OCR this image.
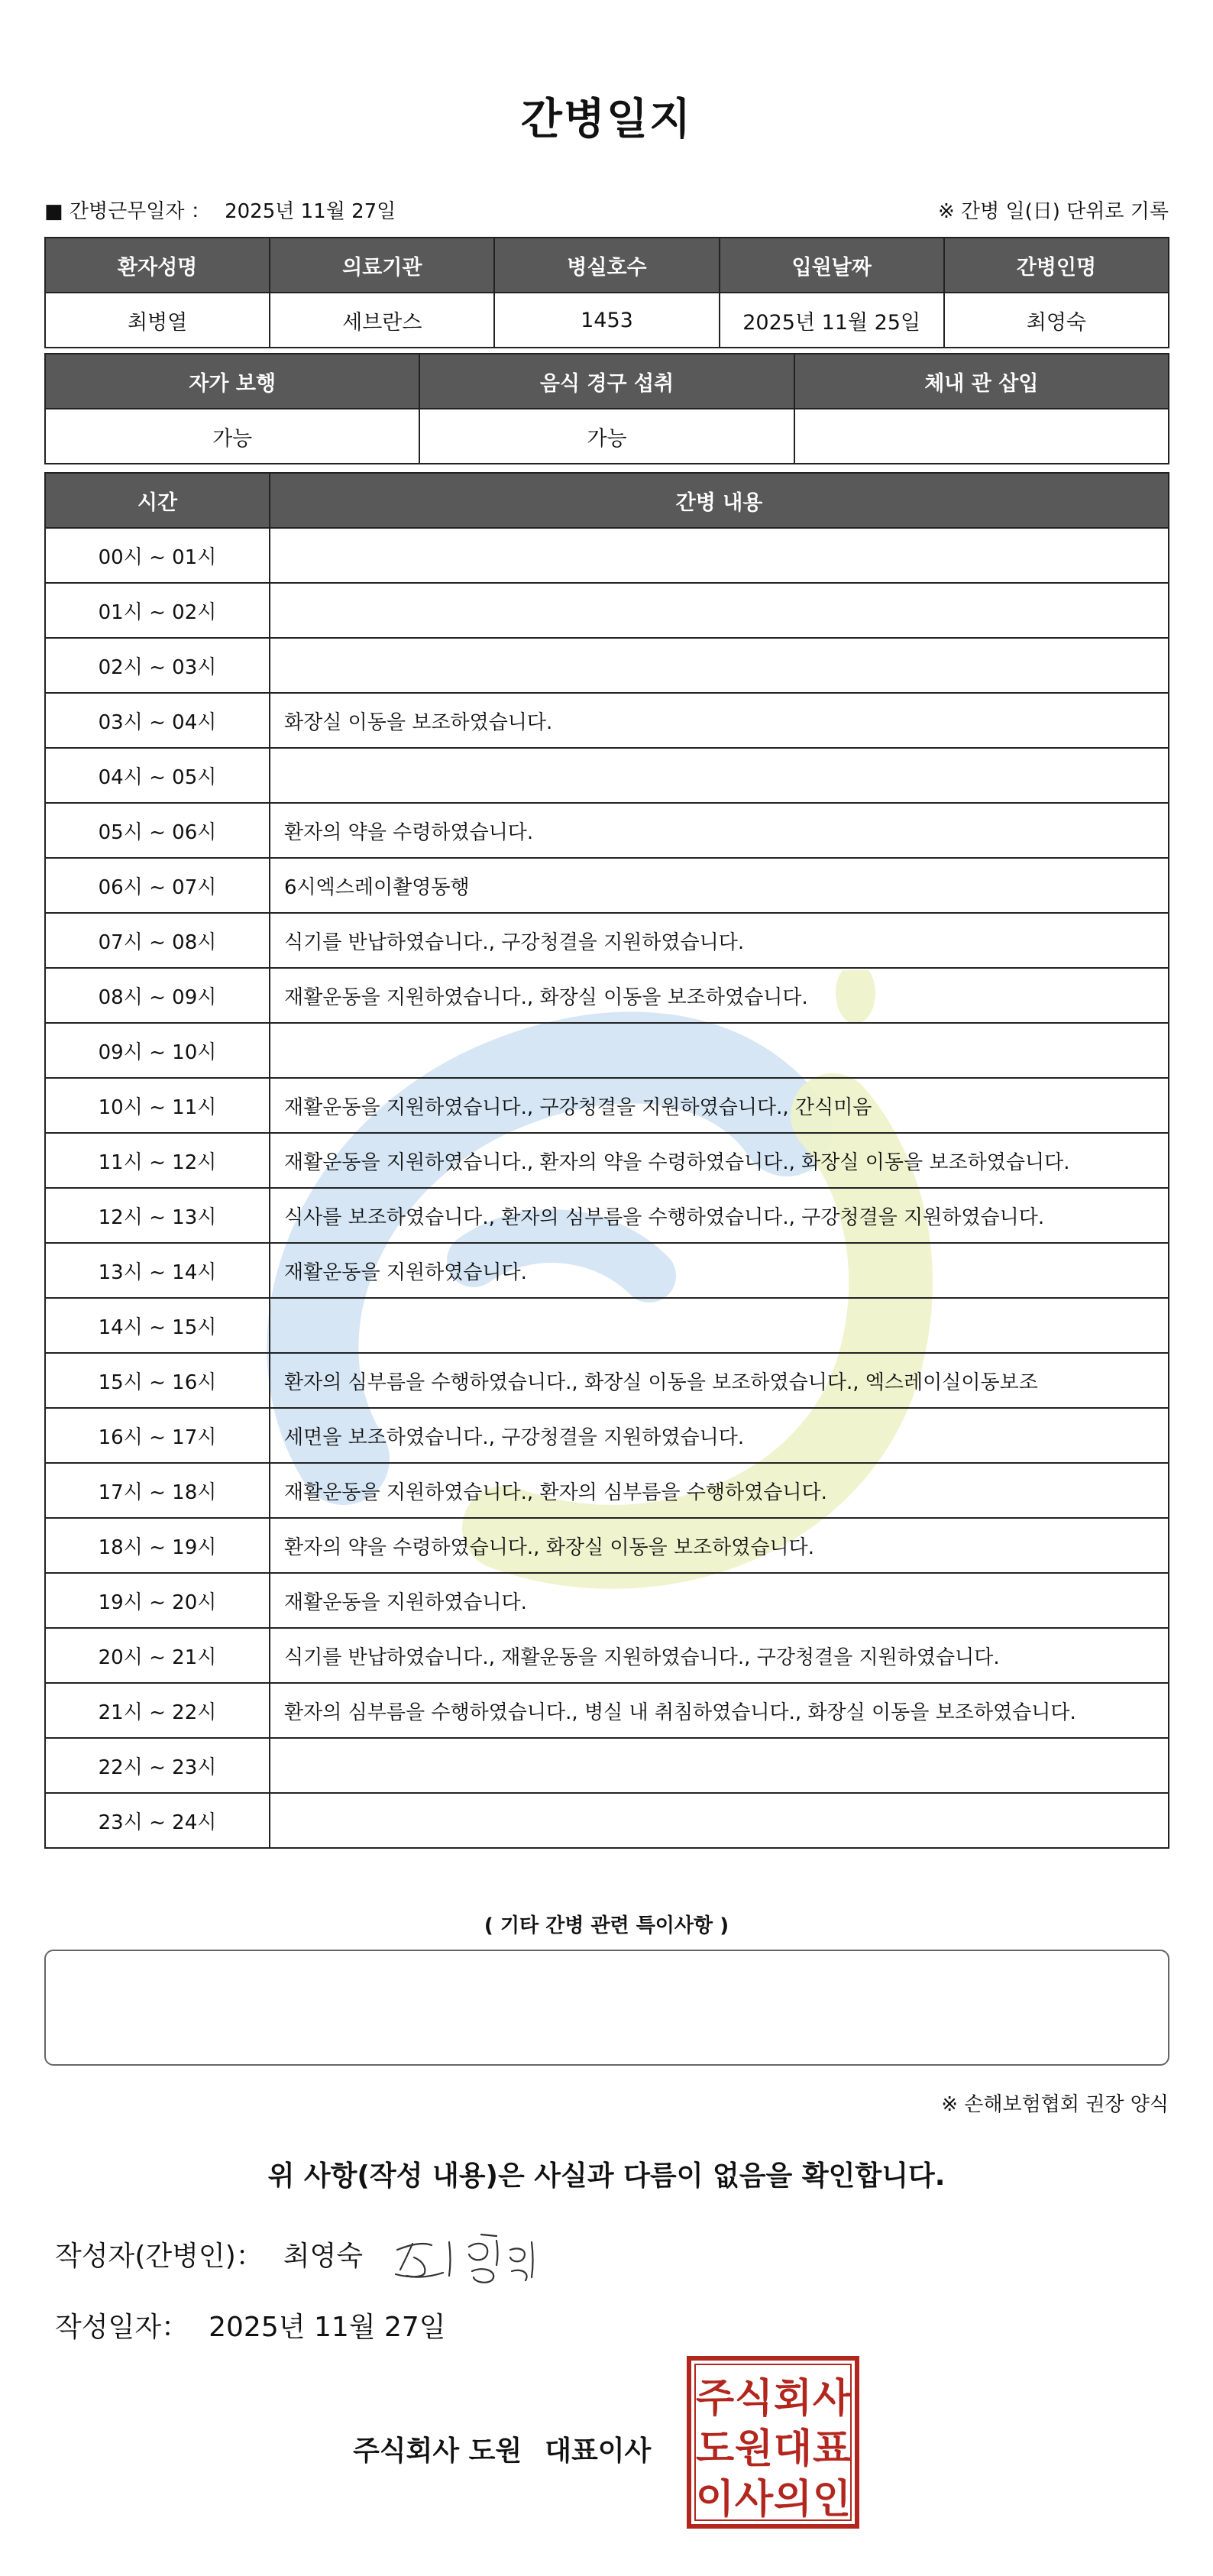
간병일지
■ 간병근무일자 ： 2025년 11월 27일	※ 간병 일(日) 단위로 기록
환자성명	의료기관	병실호수	입원날짜	간병인명
최병열	세브란스	1453	2025년 11월 25일	최영숙
자가 보행	음식 경구 섭취	체내 관 삽입
가능	가능	
시간	간병 내용
00시 ~ 01시	
01시 ~ 02시	
02시 ~ 03시	
03시 ~ 04시	화장실 이동을 보조하였습니다.
04시 ~ 05시	
05시 ~ 06시	환자의 약을 수령하였습니다.
06시 ~ 07시	6시엑스레이촬영동행
07시 ~ 08시	식기를 반납하였습니다., 구강청결을 지원하였습니다.
08시 ~ 09시	재활운동을 지원하였습니다., 화장실 이동을 보조하였습니다.
09시 ~ 10시	
10시 ~ 11시	재활운동을 지원하였습니다., 구강청결을 지원하였습니다., 간식미음
11시 ~ 12시	재활운동을 지원하였습니다., 환자의 약을 수령하였습니다., 화장실 이동을 보조하였습니다.
12시 ~ 13시	식사를 보조하였습니다., 환자의 심부름을 수행하였습니다., 구강청결을 지원하였습니다.
13시 ~ 14시	재활운동을 지원하였습니다.
14시 ~ 15시	
15시 ~ 16시	환자의 심부름을 수행하였습니다., 화장실 이동을 보조하였습니다., 엑스레이실이동보조
16시 ~ 17시	세면을 보조하였습니다., 구강청결을 지원하였습니다.
17시 ~ 18시	재활운동을 지원하였습니다., 환자의 심부름을 수행하였습니다.
18시 ~ 19시	환자의 약을 수령하였습니다., 화장실 이동을 보조하였습니다.
19시 ~ 20시	재활운동을 지원하였습니다.
20시 ~ 21시	식기를 반납하였습니다., 재활운동을 지원하였습니다., 구강청결을 지원하였습니다.
21시 ~ 22시	환자의 심부름을 수행하였습니다., 병실 내 취침하였습니다., 화장실 이동을 보조하였습니다.
22시 ~ 23시	
23시 ~ 24시	
( 기타 간병 관련 특이사항 )
※ 손해보험협회 권장 양식
위 사항(작성 내용)은 사실과 다름이 없음을 확인합니다.
작성자(간병인)： 최영숙
작성일자： 2025년 11월 27일
주식회사 도원 대표이사
주 식 회 사
도 원 대 표
이 사 의 인
